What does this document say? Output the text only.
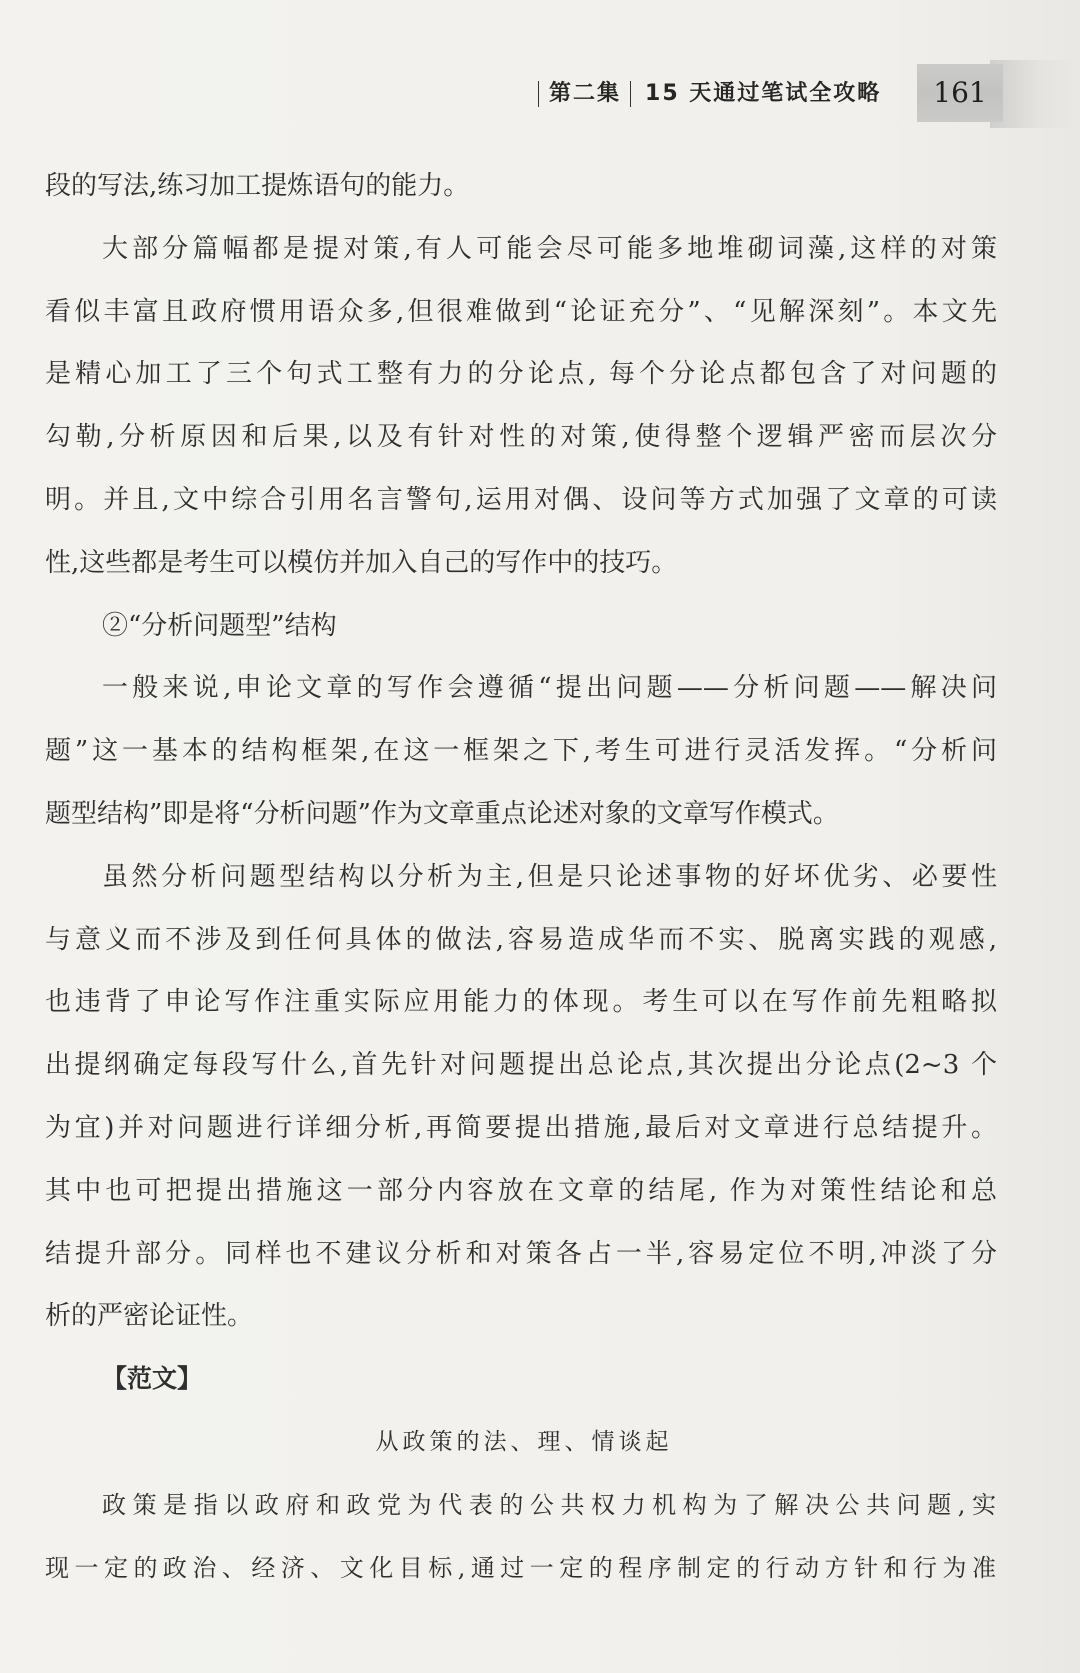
第二集 15 天通过笔试全攻略	161
段的写法,练习加工提炼语句的能力。
大部分篇幅都是提对策,有人可能会尽可能多地堆砌词藻,这样的对策
看似丰富且政府惯用语众多,但很难做到“论证充分”、“见解深刻”。本文先
是精心加工了三个句式工整有力的分论点, 每个分论点都包含了对问题的
勾勒,分析原因和后果,以及有针对性的对策,使得整个逻辑严密而层次分
明。并且,文中综合引用名言警句,运用对偶、设问等方式加强了文章的可读
性,这些都是考生可以模仿并加入自己的写作中的技巧。
②“分析问题型”结构
一般来说,申论文章的写作会遵循“提出问题——分析问题——解决问
题”这一基本的结构框架,在这一框架之下,考生可进行灵活发挥。“分析问
题型结构”即是将“分析问题”作为文章重点论述对象的文章写作模式。
虽然分析问题型结构以分析为主,但是只论述事物的好坏优劣、必要性
与意义而不涉及到任何具体的做法,容易造成华而不实、脱离实践的观感,
也违背了申论写作注重实际应用能力的体现。考生可以在写作前先粗略拟
出提纲确定每段写什么,首先针对问题提出总论点,其次提出分论点(2~3 个
为宜)并对问题进行详细分析,再简要提出措施,最后对文章进行总结提升。
其中也可把提出措施这一部分内容放在文章的结尾, 作为对策性结论和总
结提升部分。同样也不建议分析和对策各占一半,容易定位不明,冲淡了分
析的严密论证性。
【范文】
从政策的法、理、情谈起
政策是指以政府和政党为代表的公共权力机构为了解决公共问题,实
现一定的政治、经济、文化目标,通过一定的程序制定的行动方针和行为准
